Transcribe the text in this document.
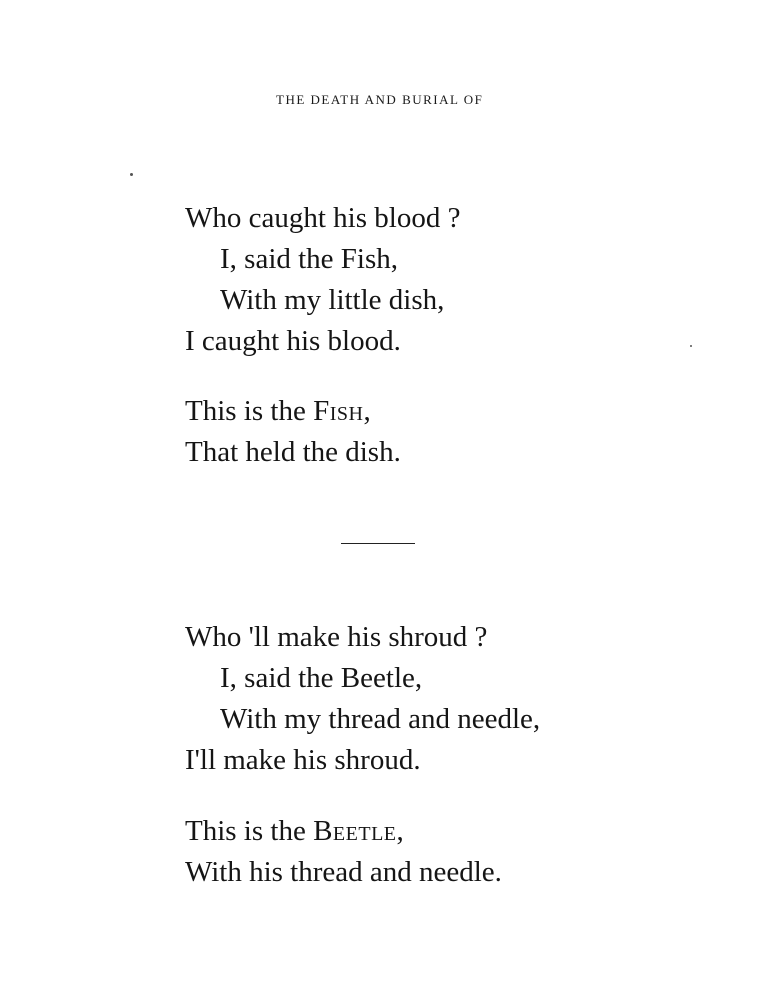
THE DEATH AND BURIAL OF
Who caught his blood ?
I, said the Fish,
With my little dish,
I caught his blood.
This is the Fish,
That held the dish.
Who 'll make his shroud ?
I, said the Beetle,
With my thread and needle,
I'll make his shroud.
This is the Beetle,
With his thread and needle.
